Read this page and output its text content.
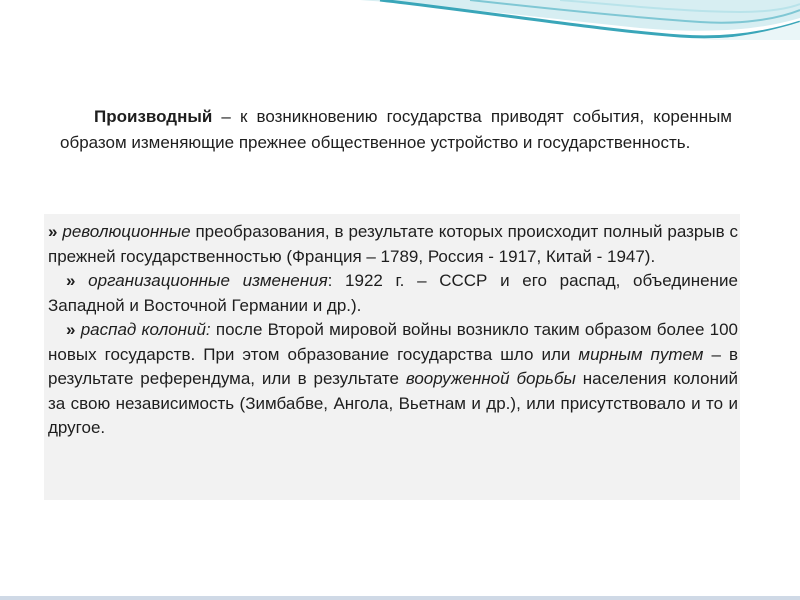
Производный – к возникновению государства приводят события, коренным образом изменяющие прежнее общественное устройство и государственность.

» революционные преобразования, в результате которых происходит полный разрыв с прежней государственностью (Франция – 1789, Россия - 1917, Китай - 1947).

» организационные изменения: 1922 г. – СССР и его распад, объединение Западной и Восточной Германии и др.).

» распад колоний: после Второй мировой войны возникло таким образом более 100 новых государств. При этом образование государства шло или мирным путем – в результате референдума, или в результате вооруженной борьбы населения колоний за свою независимость (Зимбабве, Ангола, Вьетнам и др.), или присутствовало и то и другое.
